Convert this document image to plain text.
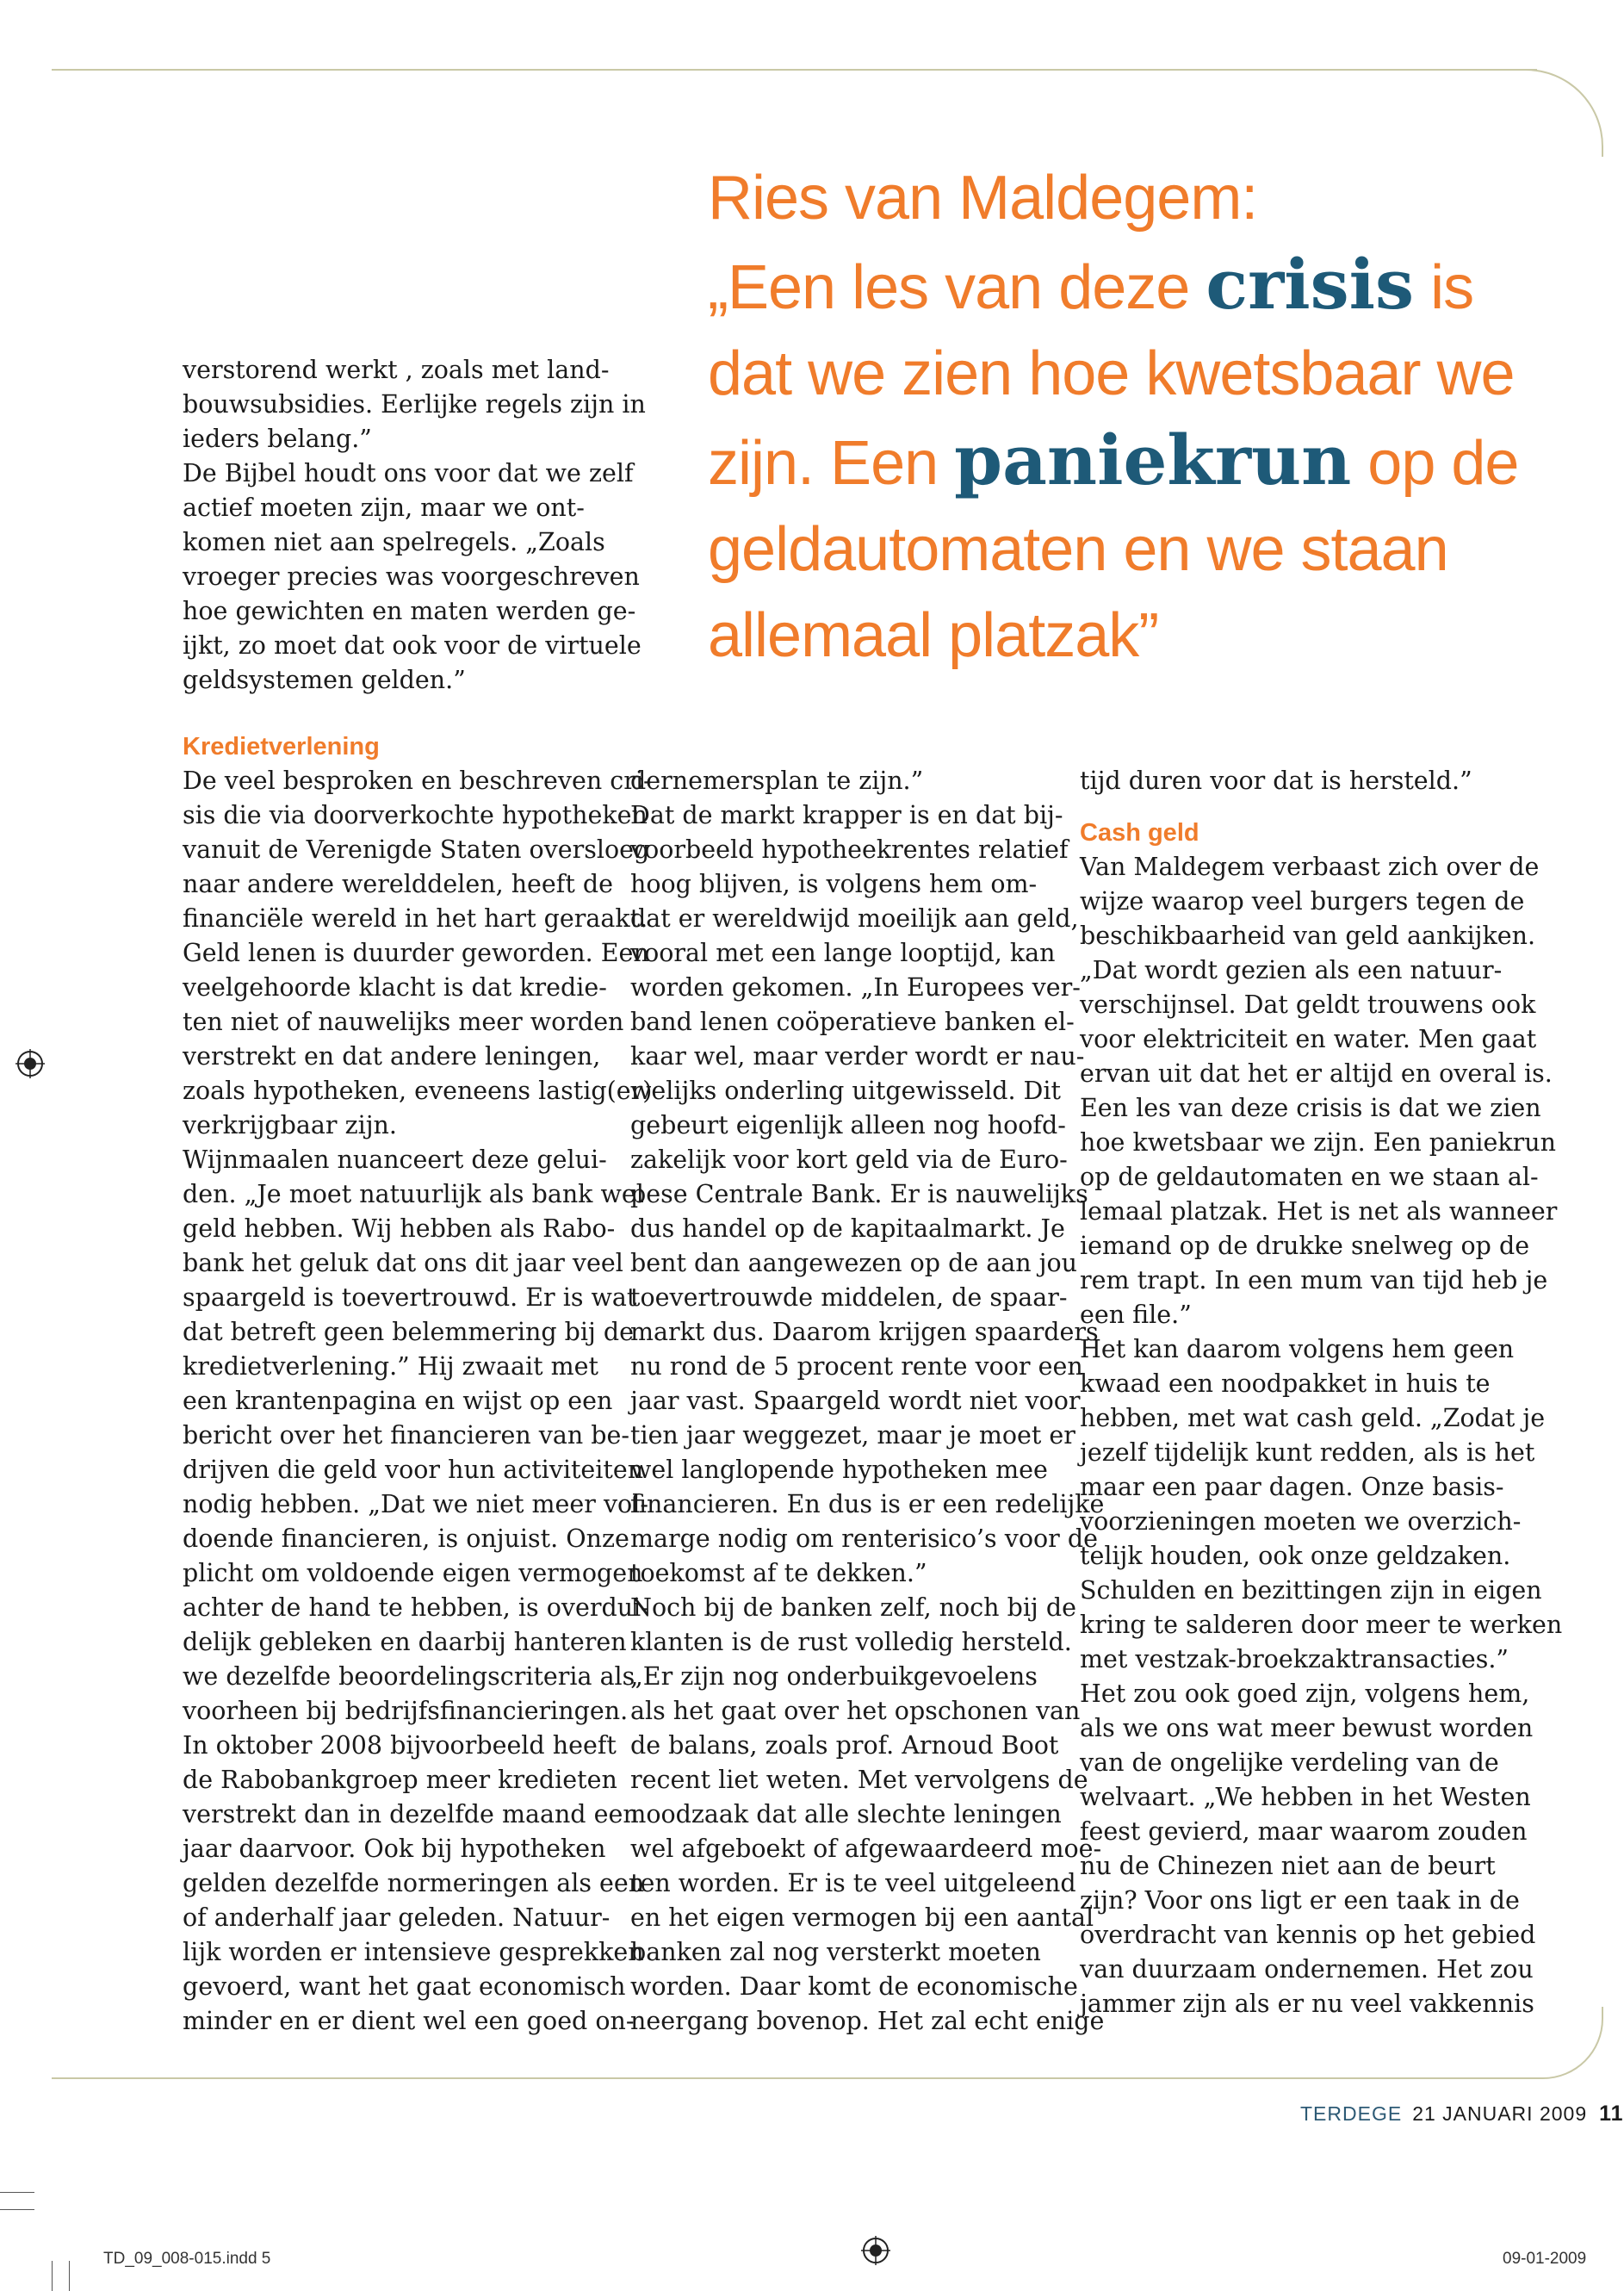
Ries van Maldegem:
„Een les van deze crisis is
dat we zien hoe kwetsbaar we
zijn. Een paniekrun op de
geldautomaten en we staan
allemaal platzak”
verstorend werkt , zoals met land-
bouwsubsidies. Eerlijke regels zijn in
ieders belang.”
De Bijbel houdt ons voor dat we zelf
actief moeten zijn, maar we ont-
komen niet aan spelregels. „Zoals
vroeger precies was voorgeschreven
hoe gewichten en maten werden ge-
ijkt, zo moet dat ook voor de virtuele
geldsystemen gelden.”
Kredietverlening
De veel besproken en beschreven cri-
sis die via doorverkochte hypotheken
vanuit de Verenigde Staten oversloeg
naar andere werelddelen, heeft de
financiële wereld in het hart geraakt.
Geld lenen is duurder geworden. Een
veelgehoorde klacht is dat kredie-
ten niet of nauwelijks meer worden
verstrekt en dat andere leningen,
zoals hypotheken, eveneens lastig(er)
verkrijgbaar zijn.
Wijnmaalen nuanceert deze gelui-
den. „Je moet natuurlijk als bank wel
geld hebben. Wij hebben als Rabo-
bank het geluk dat ons dit jaar veel
spaargeld is toevertrouwd. Er is wat
dat betreft geen belemmering bij de
kredietverlening.” Hij zwaait met
een krantenpagina en wijst op een
bericht over het financieren van be-
drijven die geld voor hun activiteiten
nodig hebben. „Dat we niet meer vol-
doende financieren, is onjuist. Onze
plicht om voldoende eigen vermogen
achter de hand te hebben, is overdui-
delijk gebleken en daarbij hanteren
we dezelfde beoordelingscriteria als
voorheen bij bedrijfsfinancieringen.
In oktober 2008 bijvoorbeeld heeft
de Rabobankgroep meer kredieten
verstrekt dan in dezelfde maand een
jaar daarvoor. Ook bij hypotheken
gelden dezelfde normeringen als een
of anderhalf jaar geleden. Natuur-
lijk worden er intensieve gesprekken
gevoerd, want het gaat economisch
minder en er dient wel een goed on-
dernemersplan te zijn.”
Dat de markt krapper is en dat bij-
voorbeeld hypotheekrentes relatief
hoog blijven, is volgens hem om-
dat er wereldwijd moeilijk aan geld,
vooral met een lange looptijd, kan
worden gekomen. „In Europees ver-
band lenen coöperatieve banken el-
kaar wel, maar verder wordt er nau-
welijks onderling uitgewisseld. Dit
gebeurt eigenlijk alleen nog hoofd-
zakelijk voor kort geld via de Euro-
pese Centrale Bank. Er is nauwelijks
dus handel op de kapitaalmarkt. Je
bent dan aangewezen op de aan jou
toevertrouwde middelen, de spaar-
markt dus. Daarom krijgen spaarders
nu rond de 5 procent rente voor een
jaar vast. Spaargeld wordt niet voor
tien jaar weggezet, maar je moet er
wel langlopende hypotheken mee
financieren. En dus is er een redelijke
marge nodig om renterisico’s voor de
toekomst af te dekken.”
Noch bij de banken zelf, noch bij de
klanten is de rust volledig hersteld.
„Er zijn nog onderbuikgevoelens
als het gaat over het opschonen van
de balans, zoals prof. Arnoud Boot
recent liet weten. Met vervolgens de
noodzaak dat alle slechte leningen
wel afgeboekt of afgewaardeerd moe-
ten worden. Er is te veel uitgeleend
en het eigen vermogen bij een aantal
banken zal nog versterkt moeten
worden. Daar komt de economische
neergang bovenop. Het zal echt enige
tijd duren voor dat is hersteld.”
Cash geld
Van Maldegem verbaast zich over de
wijze waarop veel burgers tegen de
beschikbaarheid van geld aankijken.
„Dat wordt gezien als een natuur-
verschijnsel. Dat geldt trouwens ook
voor elektriciteit en water. Men gaat
ervan uit dat het er altijd en overal is.
Een les van deze crisis is dat we zien
hoe kwetsbaar we zijn. Een paniekrun
op de geldautomaten en we staan al-
lemaal platzak. Het is net als wanneer
iemand op de drukke snelweg op de
rem trapt. In een mum van tijd heb je
een file.”
Het kan daarom volgens hem geen
kwaad een noodpakket in huis te
hebben, met wat cash geld. „Zodat je
jezelf tijdelijk kunt redden, als is het
maar een paar dagen. Onze basis-
voorzieningen moeten we overzich-
telijk houden, ook onze geldzaken.
Schulden en bezittingen zijn in eigen
kring te salderen door meer te werken
met vestzak-broekzaktransacties.”
Het zou ook goed zijn, volgens hem,
als we ons wat meer bewust worden
van de ongelijke verdeling van de
welvaart. „We hebben in het Westen
feest gevierd, maar waarom zouden
nu de Chinezen niet aan de beurt
zijn? Voor ons ligt er een taak in de
overdracht van kennis op het gebied
van duurzaam ondernemen. Het zou
jammer zijn als er nu veel vakkennis
TERDEGE 21 JANUARI 2009 11
TD_09_008-015.indd 5	09-01-2009
